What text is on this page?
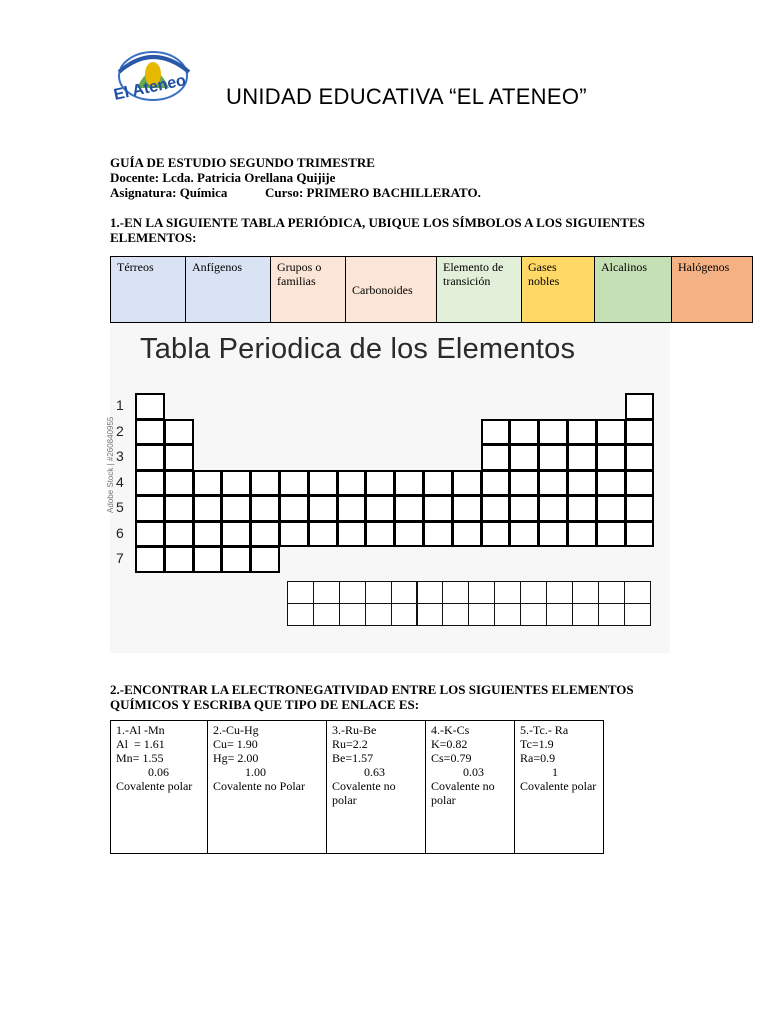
El Ateneo UNIDAD EDUCATIVA “EL ATENEO”
GUÍA DE ESTUDIO SEGUNDO TRIMESTRE
Docente: Lcda. Patricia Orellana Quijije
Asignatura: Química	Curso: PRIMERO BACHILLERATO.
1.-EN LA SIGUIENTE TABLA PERIÓDICA, UBIQUE LOS SÍMBOLOS A LOS SIGUIENTES ELEMENTOS:
Térreos	Anfígenos	Grupos o familias	Carbonoides	Elemento de transición	Gases nobles	Alcalinos	Halógenos
Tabla Periodica de los Elementos
Adobe Stock | #260840955
1
2
3
4
5
6
7
2.-ENCONTRAR LA ELECTRONEGATIVIDAD ENTRE LOS SIGUIENTES ELEMENTOS QUÍMICOS Y ESCRIBA QUE TIPO DE ENLACE ES:
1.-Al -Mn
Al  = 1.61
Mn= 1.55
0.06
Covalente polar

2.-Cu-Hg
Cu= 1.90
Hg= 2.00
1.00
Covalente no Polar

3.-Ru-Be
Ru=2.2
Be=1.57
0.63
Covalente no polar

4.-K-Cs
K=0.82
Cs=0.79
0.03
Covalente no polar

5.-Tc.- Ra
Tc=1.9
Ra=0.9
1
Covalente polar
